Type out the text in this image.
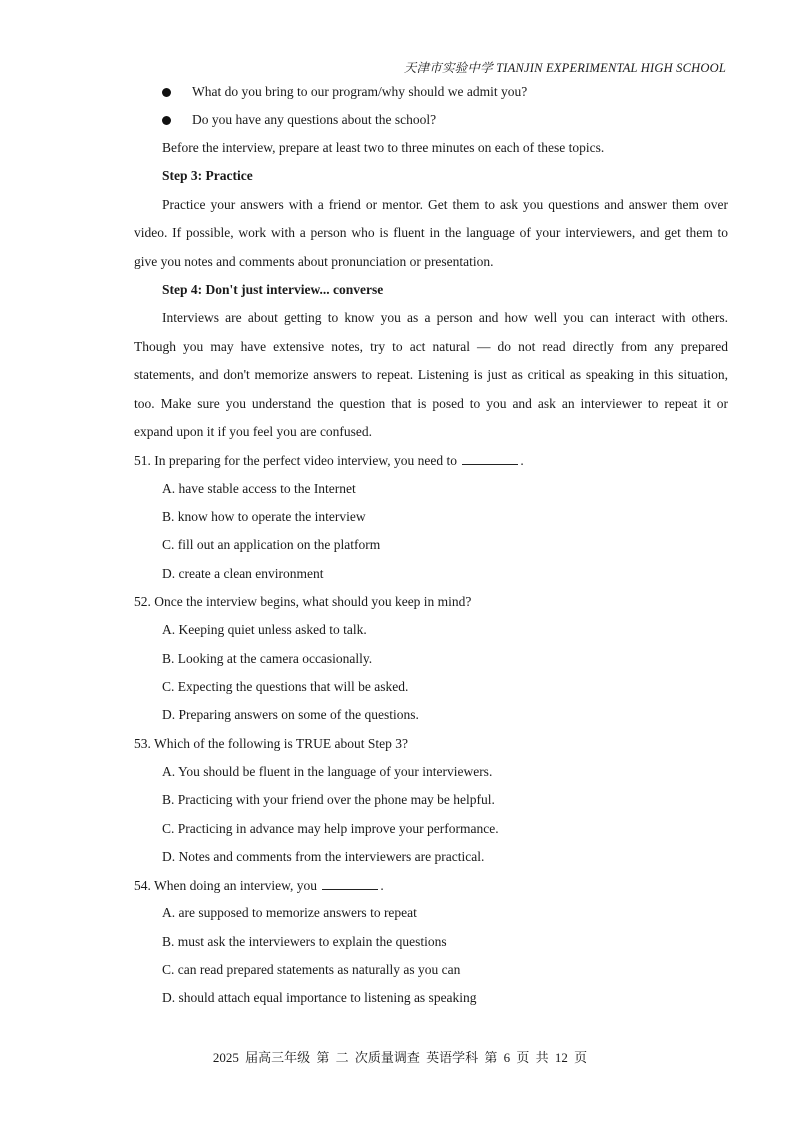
天津市实验中学 TIANJIN EXPERIMENTAL HIGH SCHOOL
What do you bring to our program/why should we admit you?
Do you have any questions about the school?
Before the interview, prepare at least two to three minutes on each of these topics.
Step 3: Practice
Practice your answers with a friend or mentor. Get them to ask you questions and answer them over
video. If possible, work with a person who is fluent in the language of your interviewers, and get them to
give you notes and comments about pronunciation or presentation.
Step 4: Don't just interview... converse
Interviews are about getting to know you as a person and how well you can interact with others.
Though you may have extensive notes, try to act natural — do not read directly from any prepared
statements, and don't memorize answers to repeat. Listening is just as critical as speaking in this situation,
too. Make sure you understand the question that is posed to you and ask an interviewer to repeat it or
expand upon it if you feel you are confused.
51. In preparing for the perfect video interview, you need to	.
A. have stable access to the Internet
B. know how to operate the interview
C. fill out an application on the platform
D. create a clean environment
52. Once the interview begins, what should you keep in mind?
A. Keeping quiet unless asked to talk.
B. Looking at the camera occasionally.
C. Expecting the questions that will be asked.
D. Preparing answers on some of the questions.
53. Which of the following is TRUE about Step 3?
A. You should be fluent in the language of your interviewers.
B. Practicing with your friend over the phone may be helpful.
C. Practicing in advance may help improve your performance.
D. Notes and comments from the interviewers are practical.
54. When doing an interview, you	.
A. are supposed to memorize answers to repeat
B. must ask the interviewers to explain the questions
C. can read prepared statements as naturally as you can
D. should attach equal importance to listening as speaking
2025 届高三年级 第 二 次质量调查 英语学科 第 6 页 共 12 页
